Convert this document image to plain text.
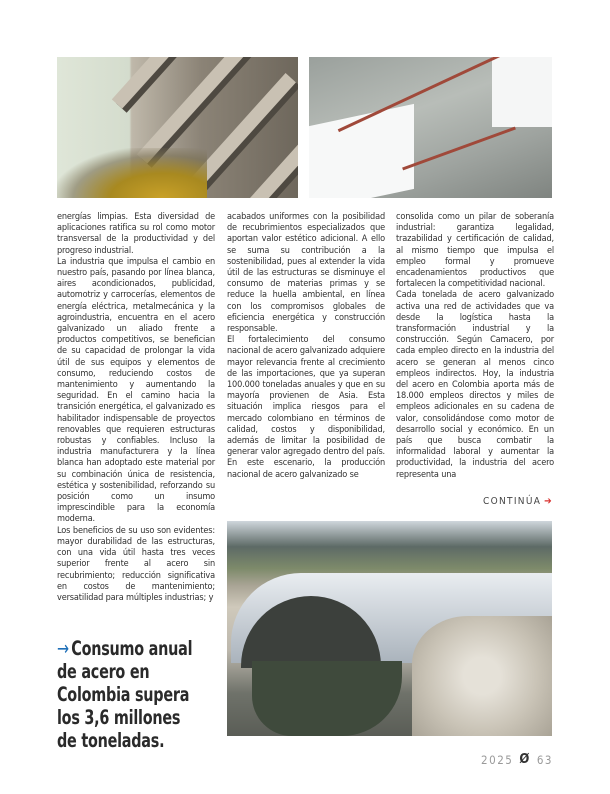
energías limpias. Esta diversidad de aplicaciones ratifica su rol como motor transversal de la productividad y del progreso industrial.

La industria que impulsa el cambio en nuestro país, pasando por línea blanca, aires acondicionados, publicidad, automotriz y carrocerías, elementos de energía eléctrica, metalmecánica y la agroindustria, encuentra en el acero galvanizado un aliado frente a productos competitivos, se benefician de su capacidad de prolongar la vida útil de sus equipos y elementos de consumo, reduciendo costos de mantenimiento y aumentando la seguridad. En el camino hacia la transición energética, el galvanizado es habilitador indispensable de proyectos renovables que requieren estructuras robustas y confiables. Incluso la industria manufacturera y la línea blanca han adoptado este material por su combinación única de resistencia, estética y sostenibilidad, reforzando su posición como un insumo imprescindible para la economía moderna.

Los beneficios de su uso son evidentes: mayor durabilidad de las estructuras, con una vida útil hasta tres veces superior frente al acero sin recubrimiento; reducción significativa en costos de mantenimiento; versatilidad para múltiples industrias; y

acabados uniformes con la posibilidad de recubrimientos especializados que aportan valor estético adicional. A ello se suma su contribución a la sostenibilidad, pues al extender la vida útil de las estructuras se disminuye el consumo de materias primas y se reduce la huella ambiental, en línea con los compromisos globales de eficiencia energética y construcción responsable.

El fortalecimiento del consumo nacional de acero galvanizado adquiere mayor relevancia frente al crecimiento de las importaciones, que ya superan 100.000 toneladas anuales y que en su mayoría provienen de Asia. Esta situación implica riesgos para el mercado colombiano en términos de calidad, costos y disponibilidad, además de limitar la posibilidad de generar valor agregado dentro del país. En este escenario, la producción nacional de acero galvanizado se

consolida como un pilar de soberanía industrial: garantiza legalidad, trazabilidad y certificación de calidad, al mismo tiempo que impulsa el empleo formal y promueve encadenamientos productivos que fortalecen la competitividad nacional.

Cada tonelada de acero galvanizado activa una red de actividades que va desde la logística hasta la transformación industrial y la construcción. Según Camacero, por cada empleo directo en la industria del acero se generan al menos cinco empleos indirectos. Hoy, la industria del acero en Colombia aporta más de 18.000 empleos directos y miles de empleos adicionales en su cadena de valor, consolidándose como motor de desarrollo social y económico. En un país que busca combatir la informalidad laboral y aumentar la productividad, la industria del acero representa una

CONTINÚA ➔
→ Consumo anual de acero en Colombia supera los 3,6 millones de toneladas.
2025 Ø 63
